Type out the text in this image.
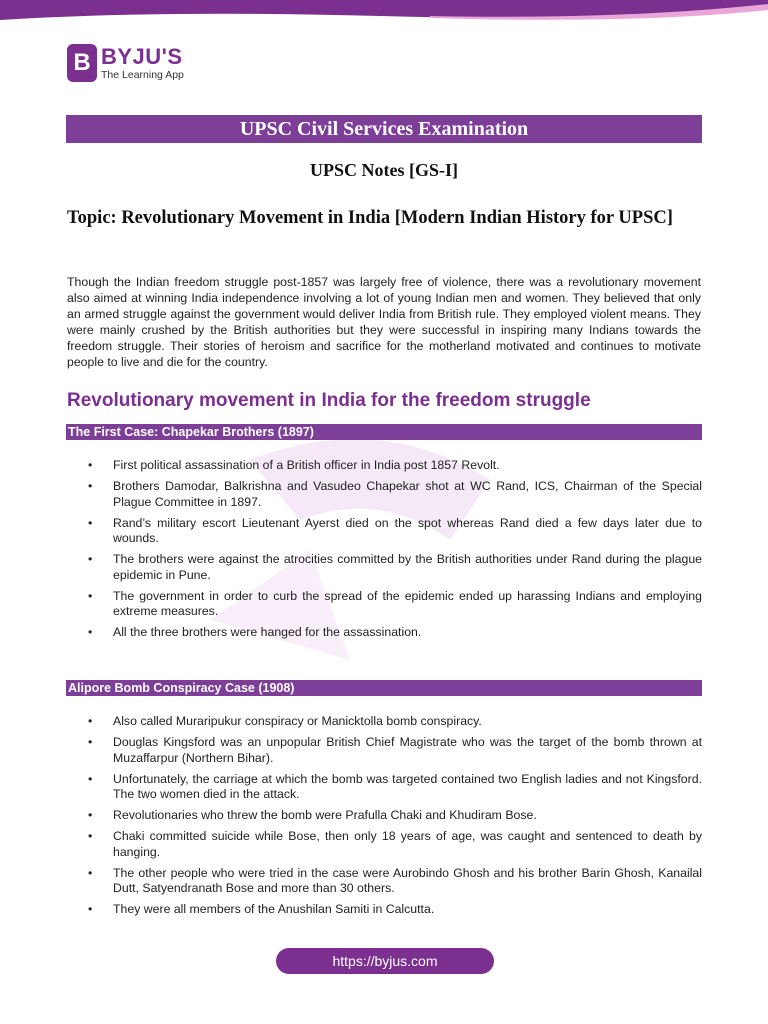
B BYJU'S
The Learning App
UPSC Civil Services Examination
UPSC Notes [GS-I]
Topic: Revolutionary Movement in India [Modern Indian History for UPSC]
Though the Indian freedom struggle post-1857 was largely free of violence, there was a revolutionary movement also aimed at winning India independence involving a lot of young Indian men and women. They believed that only an armed struggle against the government would deliver India from British rule. They employed violent means. They were mainly crushed by the British authorities but they were successful in inspiring many Indians towards the freedom struggle. Their stories of heroism and sacrifice for the motherland motivated and continues to motivate people to live and die for the country.
Revolutionary movement in India for the freedom struggle
The First Case: Chapekar Brothers (1897)
• First political assassination of a British officer in India post 1857 Revolt.
• Brothers Damodar, Balkrishna and Vasudeo Chapekar shot at WC Rand, ICS, Chairman of the Special Plague Committee in 1897.
• Rand’s military escort Lieutenant Ayerst died on the spot whereas Rand died a few days later due to wounds.
• The brothers were against the atrocities committed by the British authorities under Rand during the plague epidemic in Pune.
• The government in order to curb the spread of the epidemic ended up harassing Indians and employing extreme measures.
• All the three brothers were hanged for the assassination.
Alipore Bomb Conspiracy Case (1908)
• Also called Muraripukur conspiracy or Manicktolla bomb conspiracy.
• Douglas Kingsford was an unpopular British Chief Magistrate who was the target of the bomb thrown at Muzaffarpur (Northern Bihar).
• Unfortunately, the carriage at which the bomb was targeted contained two English ladies and not Kingsford. The two women died in the attack.
• Revolutionaries who threw the bomb were Prafulla Chaki and Khudiram Bose.
• Chaki committed suicide while Bose, then only 18 years of age, was caught and sentenced to death by hanging.
• The other people who were tried in the case were Aurobindo Ghosh and his brother Barin Ghosh, Kanailal Dutt, Satyendranath Bose and more than 30 others.
• They were all members of the Anushilan Samiti in Calcutta.
https://byjus.com
